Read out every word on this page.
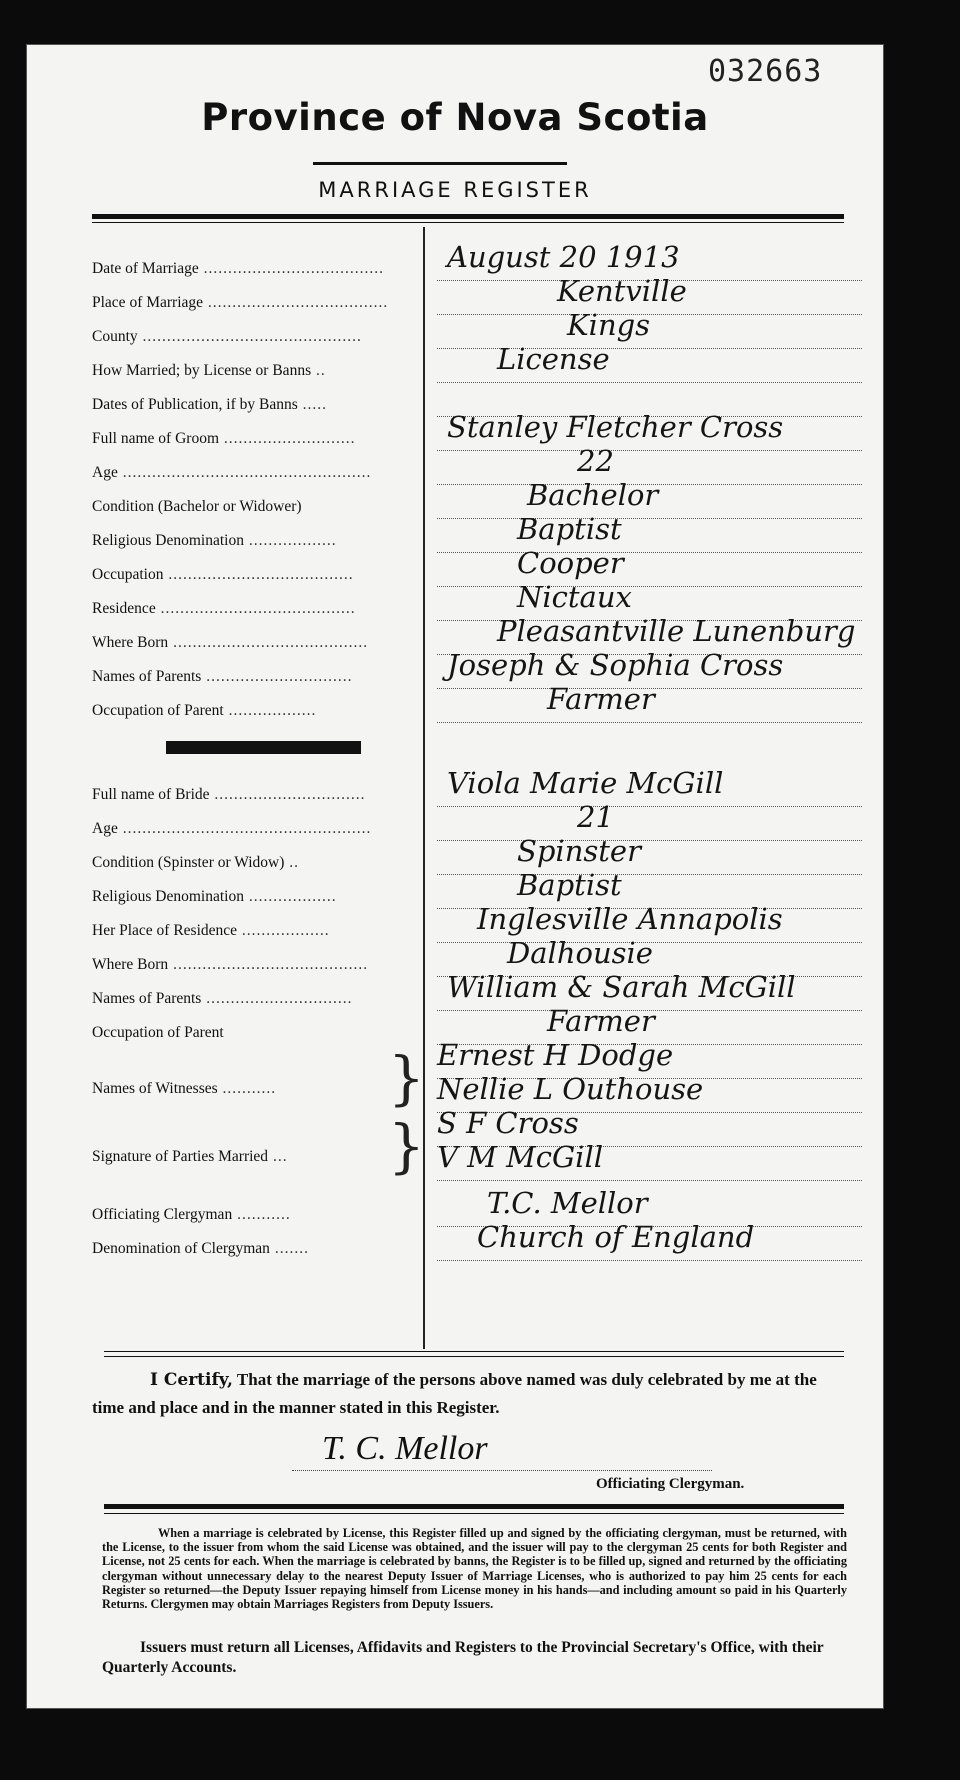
032663
Province of Nova Scotia
MARRIAGE REGISTER
Date of Marriage .....................................	August 20 1913
Place of Marriage .....................................	Kentville
County .............................................	Kings
How Married; by License or Banns ..	License
Dates of Publication, if by Banns .....
Full name of Groom ...........................	Stanley Fletcher Cross
Age ...................................................	22
Condition (Bachelor or Widower)	Bachelor
Religious Denomination ..................	Baptist
Occupation ......................................	Cooper
Residence ........................................	Nictaux
Where Born ........................................	Pleasantville Lunenburg
Names of Parents ..............................	Joseph & Sophia Cross
Occupation of Parent ..................	Farmer
Full name of Bride ...............................	Viola Marie McGill
Age ...................................................	21
Condition (Spinster or Widow) ..	Spinster
Religious Denomination ..................	Baptist
Her Place of Residence ..................	Inglesville Annapolis
Where Born ........................................	Dalhousie
Names of Parents ..............................	William & Sarah McGill
Occupation of Parent	Farmer
Names of Witnesses ...........	} Ernest H Dodge
Nellie L Outhouse
Signature of Parties Married ...	} S F Cross
V M McGill
Officiating Clergyman ...........	T.C. Mellor
Denomination of Clergyman .......	Church of England
I Certify, That the marriage of the persons above named was duly celebrated by me at the time and place and in the manner stated in this Register.
T. C. Mellor
Officiating Clergyman.
When a marriage is celebrated by License, this Register filled up and signed by the officiating clergyman, must be returned, with the License, to the issuer from whom the said License was obtained, and the issuer will pay to the clergyman 25 cents for both Register and License, not 25 cents for each. When the marriage is celebrated by banns, the Register is to be filled up, signed and returned by the officiating clergyman without unnecessary delay to the nearest Deputy Issuer of Marriage Licenses, who is authorized to pay him 25 cents for each Register so returned—the Deputy Issuer repaying himself from License money in his hands—and including amount so paid in his Quarterly Returns. Clergymen may obtain Marriages Registers from Deputy Issuers.
Issuers must return all Licenses, Affidavits and Registers to the Provincial Secretary's Office, with their Quarterly Accounts.
